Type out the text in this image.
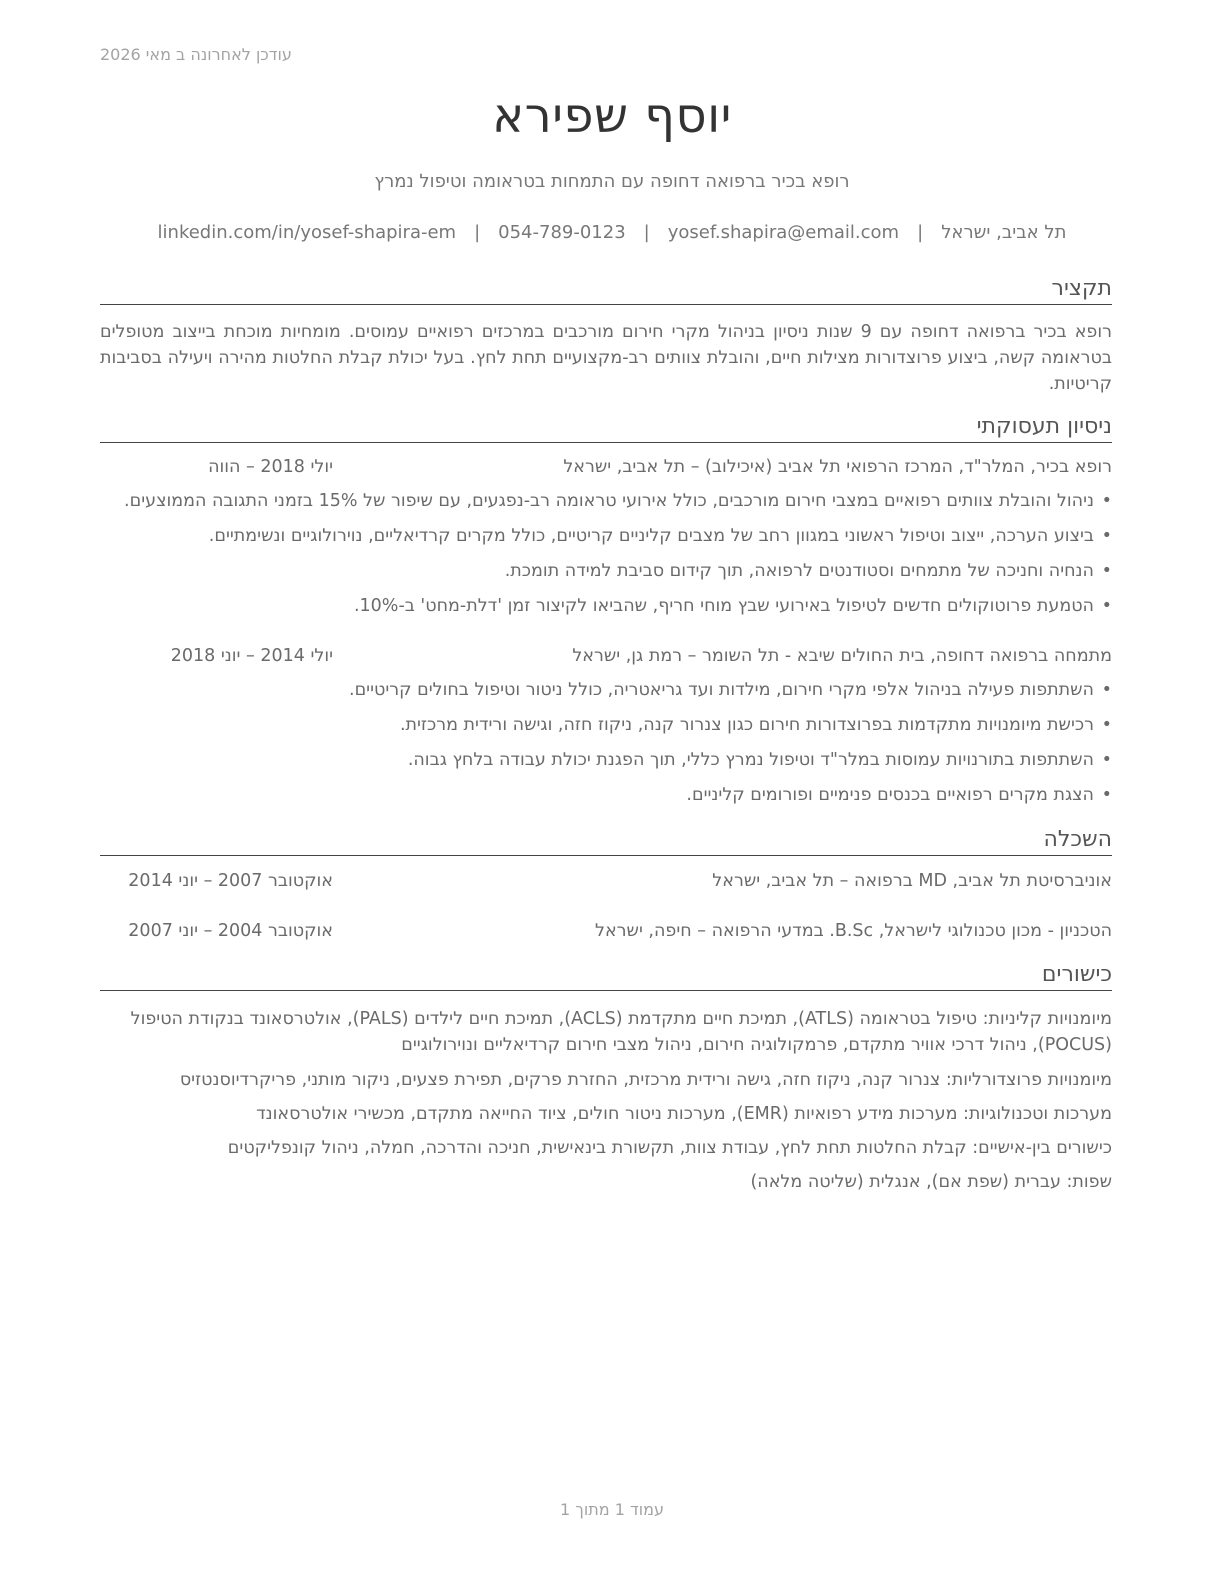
עודכן לאחרונה ב מאי 2026
יוסף שפירא
רופא בכיר ברפואה דחופה עם התמחות בטראומה וטיפול נמרץ
תל אביב, ישראל
|
yosef.shapira@email.com
|
054-789-0123
|
linkedin.com/in/yosef-shapira-em
תקציר
רופא בכיר ברפואה דחופה עם 9 שנות ניסיון בניהול מקרי חירום מורכבים במרכזים רפואיים עמוסים. מומחיות מוכחת בייצוב מטופלים בטראומה קשה, ביצוע פרוצדורות מצילות חיים, והובלת צוותים רב-מקצועיים תחת לחץ. בעל יכולת קבלת החלטות מהירה ויעילה בסביבות קריטיות.
ניסיון תעסוקתי
רופא בכיר, המלר"ד, המרכז הרפואי תל אביב (איכילוב) – תל אביב, ישראל
יולי 2018 – הווה
•ניהול והובלת צוותים רפואיים במצבי חירום מורכבים, כולל אירועי טראומה רב-נפגעים, עם שיפור של 15% בזמני התגובה הממוצעים.
•ביצוע הערכה, ייצוב וטיפול ראשוני במגוון רחב של מצבים קליניים קריטיים, כולל מקרים קרדיאליים, נוירולוגיים ונשימתיים.
•הנחיה וחניכה של מתמחים וסטודנטים לרפואה, תוך קידום סביבת למידה תומכת.
•הטמעת פרוטוקולים חדשים לטיפול באירועי שבץ מוחי חריף, שהביאו לקיצור זמן 'דלת-מחט' ב-10%.
מתמחה ברפואה דחופה, בית החולים שיבא - תל השומר – רמת גן, ישראל
יולי 2014 – יוני 2018
•השתתפות פעילה בניהול אלפי מקרי חירום, מילדות ועד גריאטריה, כולל ניטור וטיפול בחולים קריטיים.
•רכישת מיומנויות מתקדמות בפרוצדורות חירום כגון צנרור קנה, ניקוז חזה, וגישה ורידית מרכזית.
•השתתפות בתורנויות עמוסות במלר"ד וטיפול נמרץ כללי, תוך הפגנת יכולת עבודה בלחץ גבוה.
•הצגת מקרים רפואיים בכנסים פנימיים ופורומים קליניים.
השכלה
אוניברסיטת תל אביב, MD ברפואה – תל אביב, ישראל
אוקטובר 2007 – יוני 2014
הטכניון - מכון טכנולוגי לישראל, B.Sc. במדעי הרפואה – חיפה, ישראל
אוקטובר 2004 – יוני 2007
כישורים
מיומנויות קליניות: טיפול בטראומה (ATLS), תמיכת חיים מתקדמת (ACLS), תמיכת חיים לילדים (PALS), אולטרסאונד בנקודת הטיפול (POCUS), ניהול דרכי אוויר מתקדם, פרמקולוגיה חירום, ניהול מצבי חירום קרדיאליים ונוירולוגיים
מיומנויות פרוצדורליות: צנרור קנה, ניקוז חזה, גישה ורידית מרכזית, החזרת פרקים, תפירת פצעים, ניקור מותני, פריקרדיוסנטזיס
מערכות וטכנולוגיות: מערכות מידע רפואיות (EMR), מערכות ניטור חולים, ציוד החייאה מתקדם, מכשירי אולטרסאונד
כישורים בין-אישיים: קבלת החלטות תחת לחץ, עבודת צוות, תקשורת בינאישית, חניכה והדרכה, חמלה, ניהול קונפליקטים
שפות: עברית (שפת אם), אנגלית (שליטה מלאה)
עמוד 1 מתוך 1
